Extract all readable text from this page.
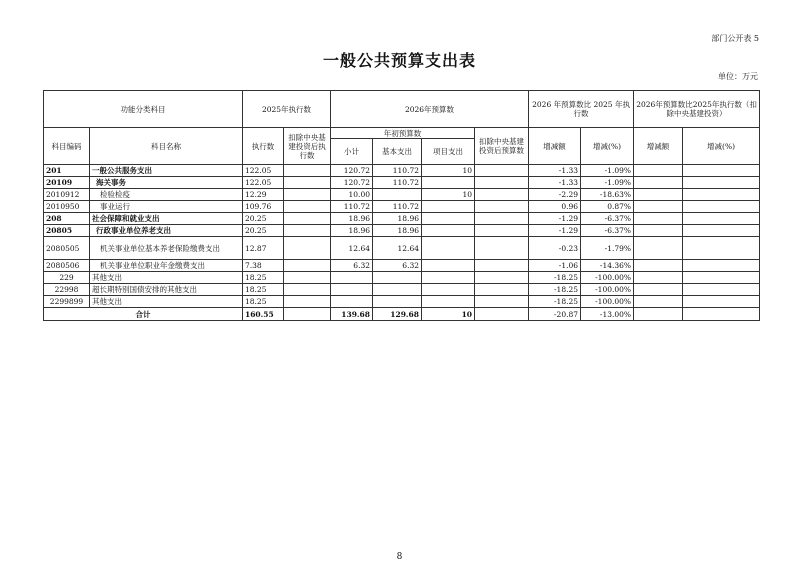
部门公开表 5
一般公共预算支出表
单位：万元
功能分类科目		2025年执行数		2026年预算数				2026 年预算数比 2025 年执行数		2026年预算数比2025年执行数（扣除中央基建投资）	
科目编码	科目名称	执行数	扣除中央基建投资后执行数	年初预算数			扣除中央基建投资后预算数	增减额	增减(%)	增减额	增减(%)
				小计	基本支出	项目支出					
201	一般公共服务支出	122.05		120.72	110.72	10		-1.33	-1.09%		
20109	海关事务	122.05		120.72	110.72			-1.33	-1.09%		
2010912	检验检疫	12.29		10.00		10		-2.29	-18.63%		
2010950	事业运行	109.76		110.72	110.72			0.96	0.87%		
208	社会保障和就业支出	20.25		18.96	18.96			-1.29	-6.37%		
20805	行政事业单位养老支出	20.25		18.96	18.96			-1.29	-6.37%		
2080505	机关事业单位基本养老保险缴费支出	12.87		12.64	12.64			-0.23	-1.79%		
2080506	机关事业单位职业年金缴费支出	7.38		6.32	6.32			-1.06	-14.36%		
229	其他支出	18.25						-18.25	-100.00%		
22998	超长期特别国债安排的其他支出	18.25						-18.25	-100.00%		
2299899	其他支出	18.25						-18.25	-100.00%		
合计		160.55		139.68	129.68	10		-20.87	-13.00%		
8
